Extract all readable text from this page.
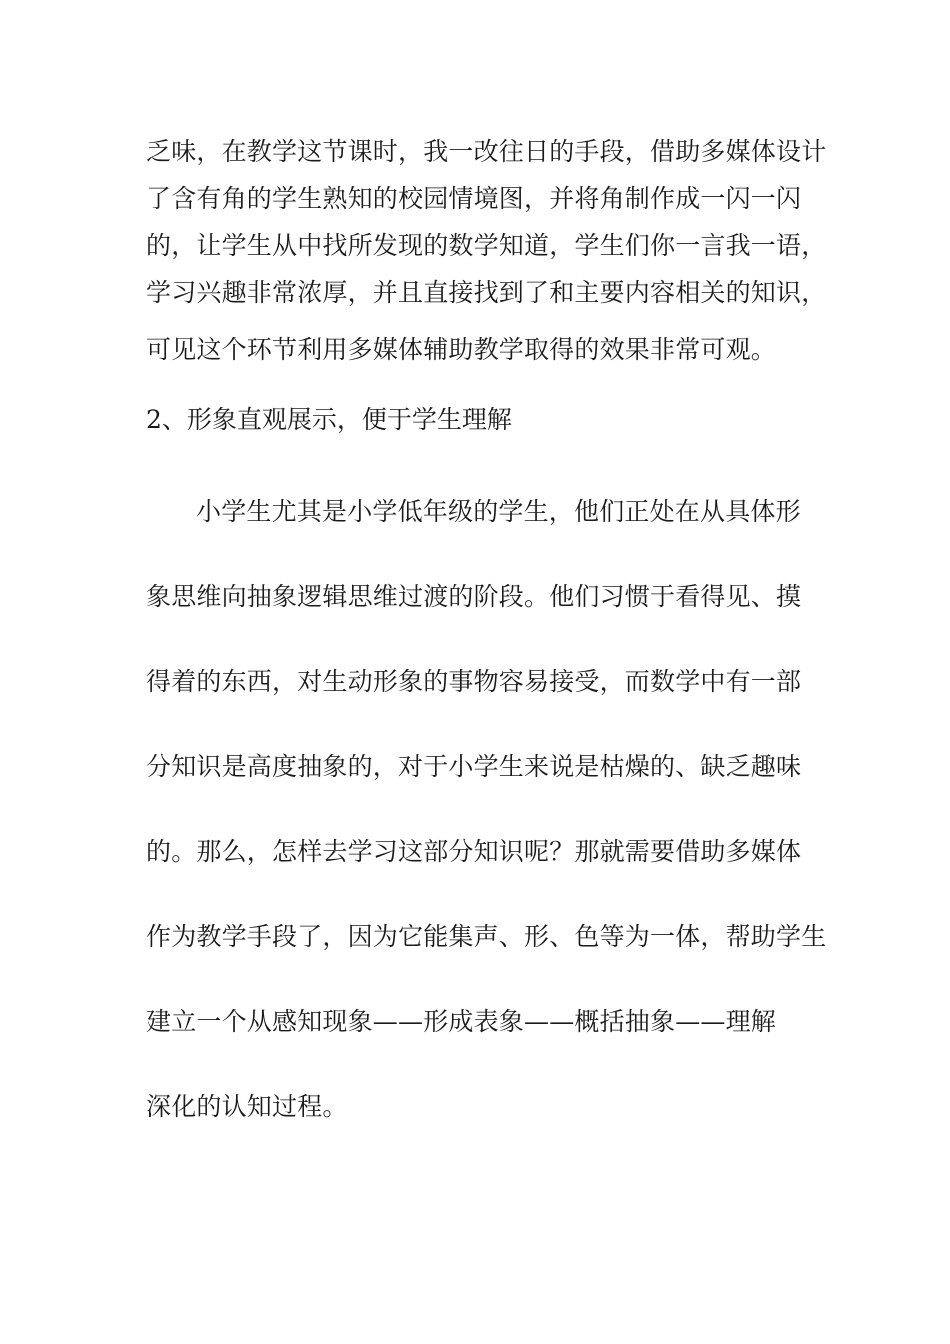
乏味，在教学这节课时，我一改往日的手段，借助多媒体设计
了含有角的学生熟知的校园情境图，并将角制作成一闪一闪
的，让学生从中找所发现的数学知道，学生们你一言我一语，
学习兴趣非常浓厚，并且直接找到了和主要内容相关的知识，
可见这个环节利用多媒体辅助教学取得的效果非常可观。
2、形象直观展示，便于学生理解
小学生尤其是小学低年级的学生，他们正处在从具体形
象思维向抽象逻辑思维过渡的阶段。他们习惯于看得见、摸
得着的东西，对生动形象的事物容易接受，而数学中有一部
分知识是高度抽象的，对于小学生来说是枯燥的、缺乏趣味
的。那么，怎样去学习这部分知识呢？那就需要借助多媒体
作为教学手段了，因为它能集声、形、色等为一体，帮助学生
建立一个从感知现象——形成表象——概括抽象——理解
深化的认知过程。
